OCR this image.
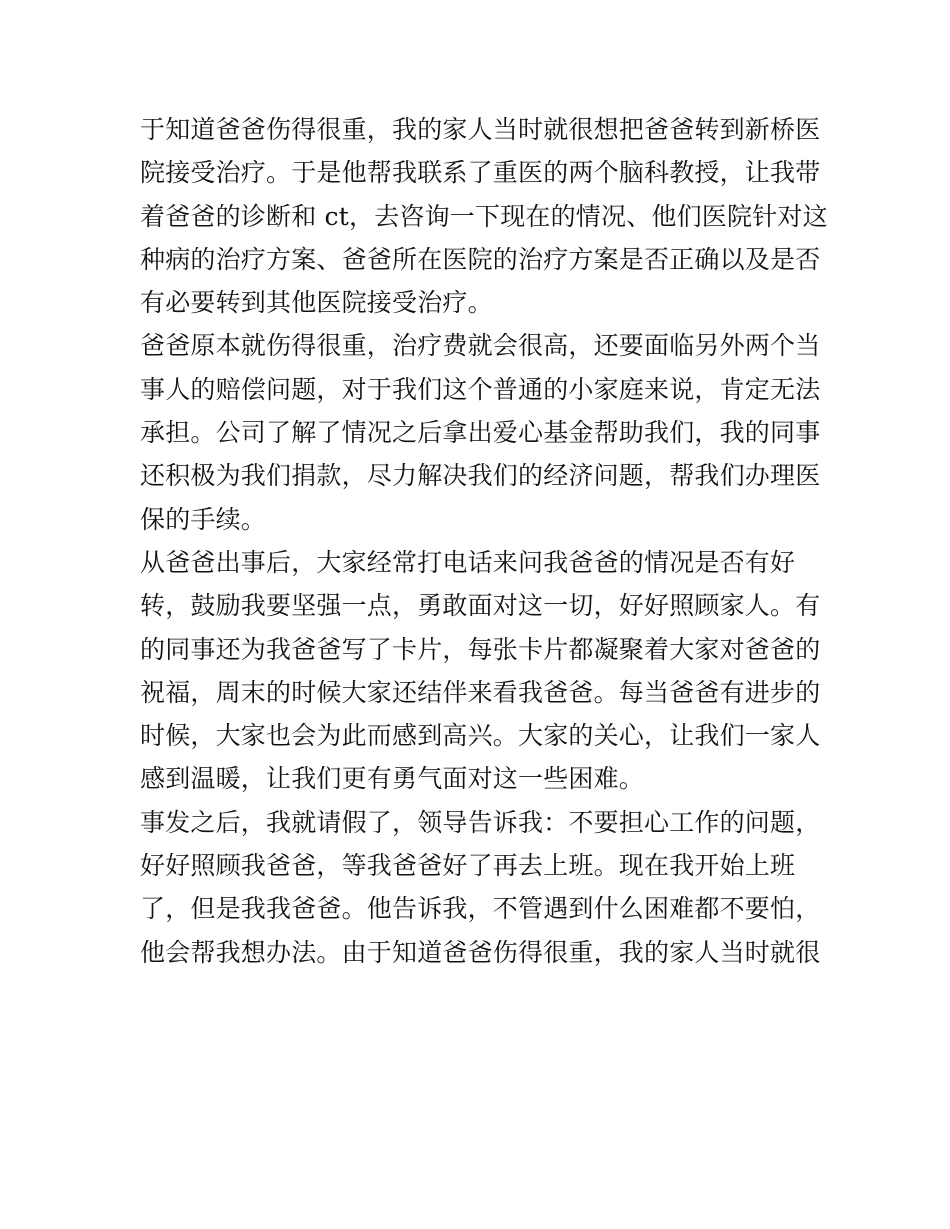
于知道爸爸伤得很重，我的家人当时就很想把爸爸转到新桥医
院接受治疗。于是他帮我联系了重医的两个脑科教授，让我带
着爸爸的诊断和 ct，去咨询一下现在的情况、他们医院针对这
种病的治疗方案、爸爸所在医院的治疗方案是否正确以及是否
有必要转到其他医院接受治疗。
爸爸原本就伤得很重，治疗费就会很高，还要面临另外两个当
事人的赔偿问题，对于我们这个普通的小家庭来说，肯定无法
承担。公司了解了情况之后拿出爱心基金帮助我们，我的同事
还积极为我们捐款，尽力解决我们的经济问题，帮我们办理医
保的手续。
从爸爸出事后，大家经常打电话来问我爸爸的情况是否有好
转，鼓励我要坚强一点，勇敢面对这一切，好好照顾家人。有
的同事还为我爸爸写了卡片，每张卡片都凝聚着大家对爸爸的
祝福，周末的时候大家还结伴来看我爸爸。每当爸爸有进步的
时候，大家也会为此而感到高兴。大家的关心，让我们一家人
感到温暖，让我们更有勇气面对这一些困难。
事发之后，我就请假了，领导告诉我：不要担心工作的问题，
好好照顾我爸爸，等我爸爸好了再去上班。现在我开始上班
了，但是我我爸爸。他告诉我，不管遇到什么困难都不要怕，
他会帮我想办法。由于知道爸爸伤得很重，我的家人当时就很
